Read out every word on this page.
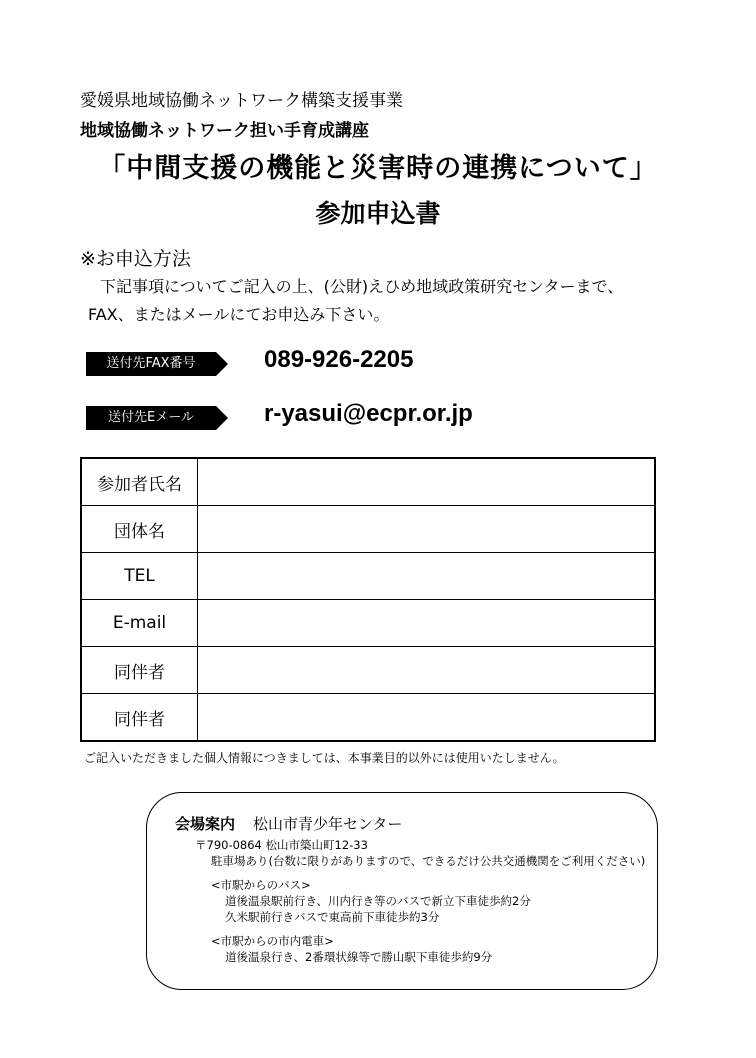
愛媛県地域協働ネットワーク構築支援事業
地域協働ネットワーク担い手育成講座
「中間支援の機能と災害時の連携について」
参加申込書
※お申込方法
下記事項についてご記入の上、(公財)えひめ地域政策研究センターまで、
FAX、またはメールにてお申込み下さい。
送付先FAX番号	089-926-2205
送付先Eメール	r-yasui@ecpr.or.jp
参加者氏名	
団体名	
TEL	
E-mail	
同伴者	
同伴者	
ご記入いただきました個人情報につきましては、本事業目的以外には使用いたしません。
会場案内 松山市青少年センター
〒790-0864 松山市築山町12-33
駐車場あり(台数に限りがありますので、できるだけ公共交通機関をご利用ください)
<市駅からのバス>
道後温泉駅前行き、川内行き等のバスで新立下車徒歩約2分
久米駅前行きバスで東高前下車徒歩約3分
<市駅からの市内電車>
道後温泉行き、2番環状線等で勝山駅下車徒歩約9分
